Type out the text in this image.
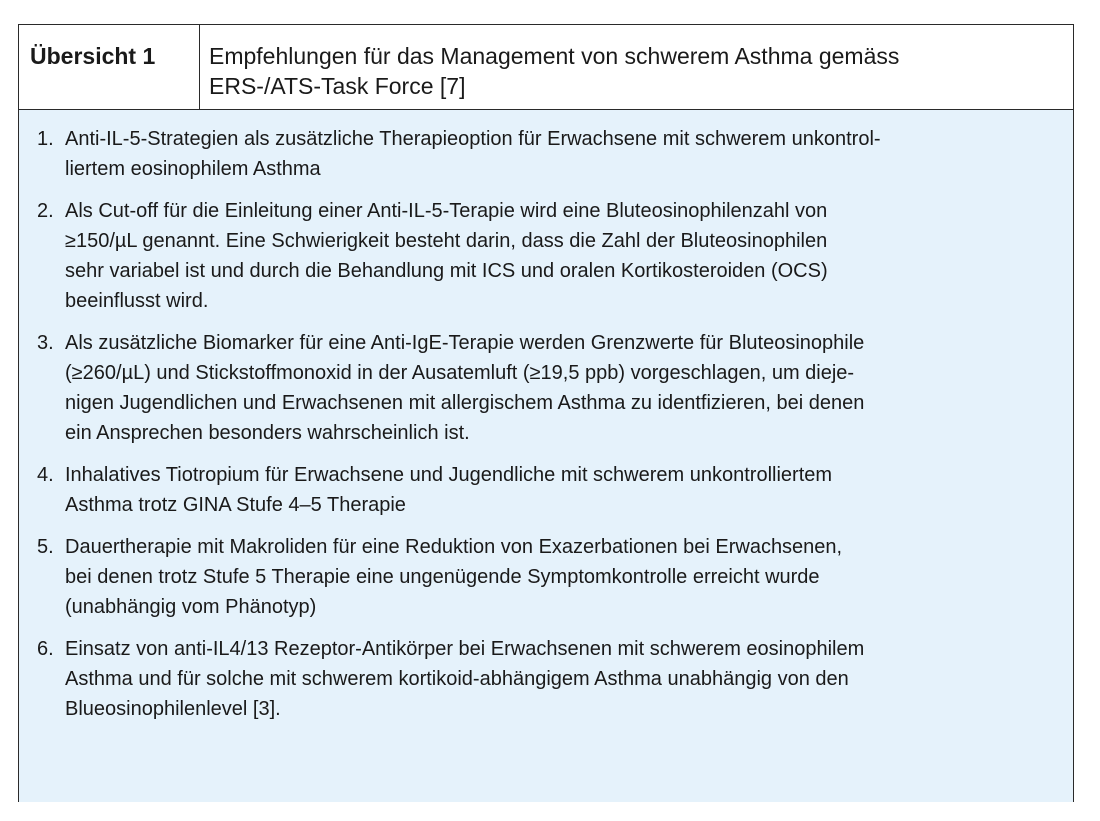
Übersicht 1	Empfehlungen für das Management von schwerem Asthma gemäss
ERS-/ATS-Task Force [7]
1. Anti-IL-5-Strategien als zusätzliche Therapieoption für Erwachsene mit schwerem unkontrol-
liertem eosinophilem Asthma
2. Als Cut-off für die Einleitung einer Anti-IL-5-Terapie wird eine Bluteosinophilenzahl von
≥150/µL genannt. Eine Schwierigkeit besteht darin, dass die Zahl der Bluteosinophilen
sehr variabel ist und durch die Behandlung mit ICS und oralen Kortikosteroiden (OCS)
beeinflusst wird.
3. Als zusätzliche Biomarker für eine Anti-IgE-Terapie werden Grenzwerte für Bluteosinophile
(≥260/µL) und Stickstoffmonoxid in der Ausatemluft (≥19,5 ppb) vorgeschlagen, um dieje-
nigen Jugendlichen und Erwachsenen mit allergischem Asthma zu identfizieren, bei denen
ein Ansprechen besonders wahrscheinlich ist.
4. Inhalatives Tiotropium für Erwachsene und Jugendliche mit schwerem unkontrolliertem
Asthma trotz GINA Stufe 4–5 Therapie
5. Dauertherapie mit Makroliden für eine Reduktion von Exazerbationen bei Erwachsenen,
bei denen trotz Stufe 5 Therapie eine ungenügende Symptomkontrolle erreicht wurde
(unabhängig vom Phänotyp)
6. Einsatz von anti-IL4/13 Rezeptor-Antikörper bei Erwachsenen mit schwerem eosinophilem
Asthma und für solche mit schwerem kortikoid-abhängigem Asthma unabhängig von den
Blueosinophilenlevel [3].
